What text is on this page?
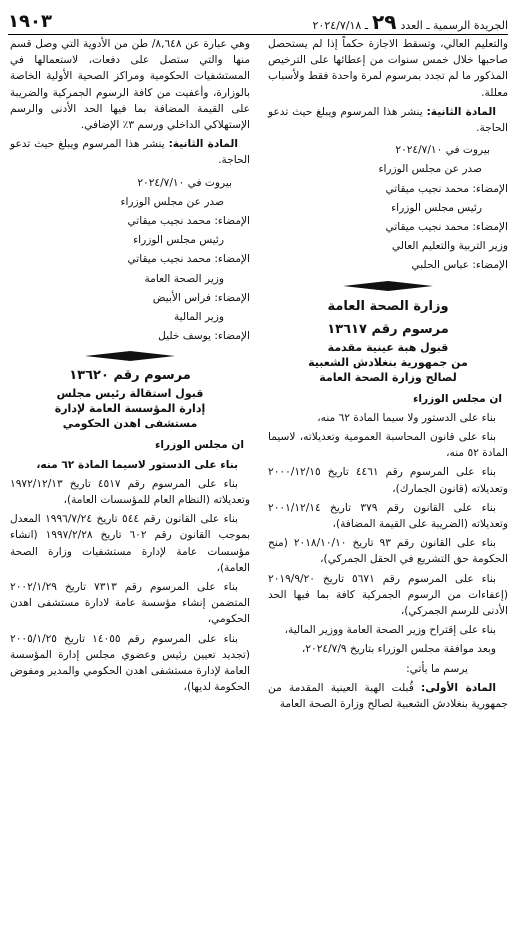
الجريدة الرسمية ـ العدد
٢٩
ـ ٢٠٢٤/٧/١٨
١٩٠٣

والتعليم العالي، وتسقط الاجازة حكماً إذا لم يستحصل صاحبها خلال خمس سنوات من إعطائها على الترخيص المذكور ما لم تجدد بمرسوم لمرة واحدة فقط ولأسباب معللة.

المادة الثانية: ينشر هذا المرسوم ويبلغ حيث تدعو الحاجة.

بيروت في ٢٠٢٤/٧/١٠

صدر عن مجلس الوزراء

الإمضاء: محمد نجيب ميقاتي

رئيس مجلس الوزراء

الإمضاء: محمد نجيب ميقاتي

وزير التربية والتعليم العالي

الإمضاء: عباس الحلبي

وزارة الصحة العامة
مرسوم رقم ١٣٦١٧
قبول هبة عينية مقدمة
من جمهورية بنغلادش الشعبية
لصالح وزارة الصحة العامة

ان مجلس الوزراء

بناء على الدستور ولا سيما المادة ٦٢ منه،

بناء على قانون المحاسبة العمومية وتعديلاته، لاسيما المادة ٥٢ منه،

بناء على المرسوم رقم ٤٤٦١ تاريخ ٢٠٠٠/١٢/١٥ وتعديلاته (قانون الجمارك)،

بناء على القانون رقم ٣٧٩ تاريخ ٢٠٠١/١٢/١٤ وتعديلاته (الضريبة على القيمة المضافة)،

بناء على القانون رقم ٩٣ تاريخ ٢٠١٨/١٠/١٠ (منح الحكومة حق التشريع في الحقل الجمركي)،

بناء على المرسوم رقم ٥٦٧١ تاريخ ٢٠١٩/٩/٢٠ (إعفاءات من الرسوم الجمركية كافة بما فيها الحد الأدنى للرسم الجمركي)،

بناء على إقتراح وزير الصحة العامة ووزير المالية،

وبعد موافقة مجلس الوزراء بتاريخ ٢٠٢٤/٧/٩،

يرسم ما يأتي:

المادة الأولى: قُبلت الهبة العينية المقدمة من جمهورية بنغلادش الشعبية لصالح وزارة الصحة العامة

وهي عبارة عن ٨,٦٤٨/ طن من الأدوية التي وصل قسم منها والتي ستصل على دفعات، لاستعمالها في المستشفيات الحكومية ومراكز الصحية الأولية الخاصة بالوزارة، وأعفيت من كافة الرسوم الجمركية والضريبة على القيمة المضافة بما فيها الحد الأدنى والرسم الإستهلاكي الداخلي ورسم ٣٪ الإضافي.

المادة الثانية: ينشر هذا المرسوم ويبلغ حيث تدعو الحاجة.

بيروت في ٢٠٢٤/٧/١٠

صدر عن مجلس الوزراء

الإمضاء: محمد نجيب ميقاتي

رئيس مجلس الوزراء

الإمضاء: محمد نجيب ميقاتي

وزير الصحة العامة

الإمضاء: فراس الأبيض

وزير المالية

الإمضاء: يوسف خليل

مرسوم رقم ١٣٦٢٠
قبول استقالة رئيس مجلس
إدارة المؤسسة العامة لإدارة
مستشفى اهدن الحكومي

ان مجلس الوزراء

بناء على الدستور لاسيما المادة ٦٢ منه،

بناء على المرسوم رقم ٤٥١٧ تاريخ ١٩٧٢/١٢/١٣ وتعديلاته (النظام العام للمؤسسات العامة)،

بناء على القانون رقم ٥٤٤ تاريخ ١٩٩٦/٧/٢٤ المعدل بموجب القانون رقم ٦٠٢ تاريخ ١٩٩٧/٢/٢٨ (انشاء مؤسسات عامة لإدارة مستشفيات وزارة الصحة العامة)،

بناء على المرسوم رقم ٧٣١٣ تاريخ ٢٠٠٢/١/٢٩ المتضمن إنشاء مؤسسة عامة لادارة مستشفى اهدن الحكومي،

بناء على المرسوم رقم ١٤٠٥٥ تاريخ ٢٠٠٥/١/٢٥ (تجديد تعيين رئيس وعضوي مجلس إدارة المؤسسة العامة لإدارة مستشفى اهدن الحكومي والمدير ومفوض الحكومة لديها)،
